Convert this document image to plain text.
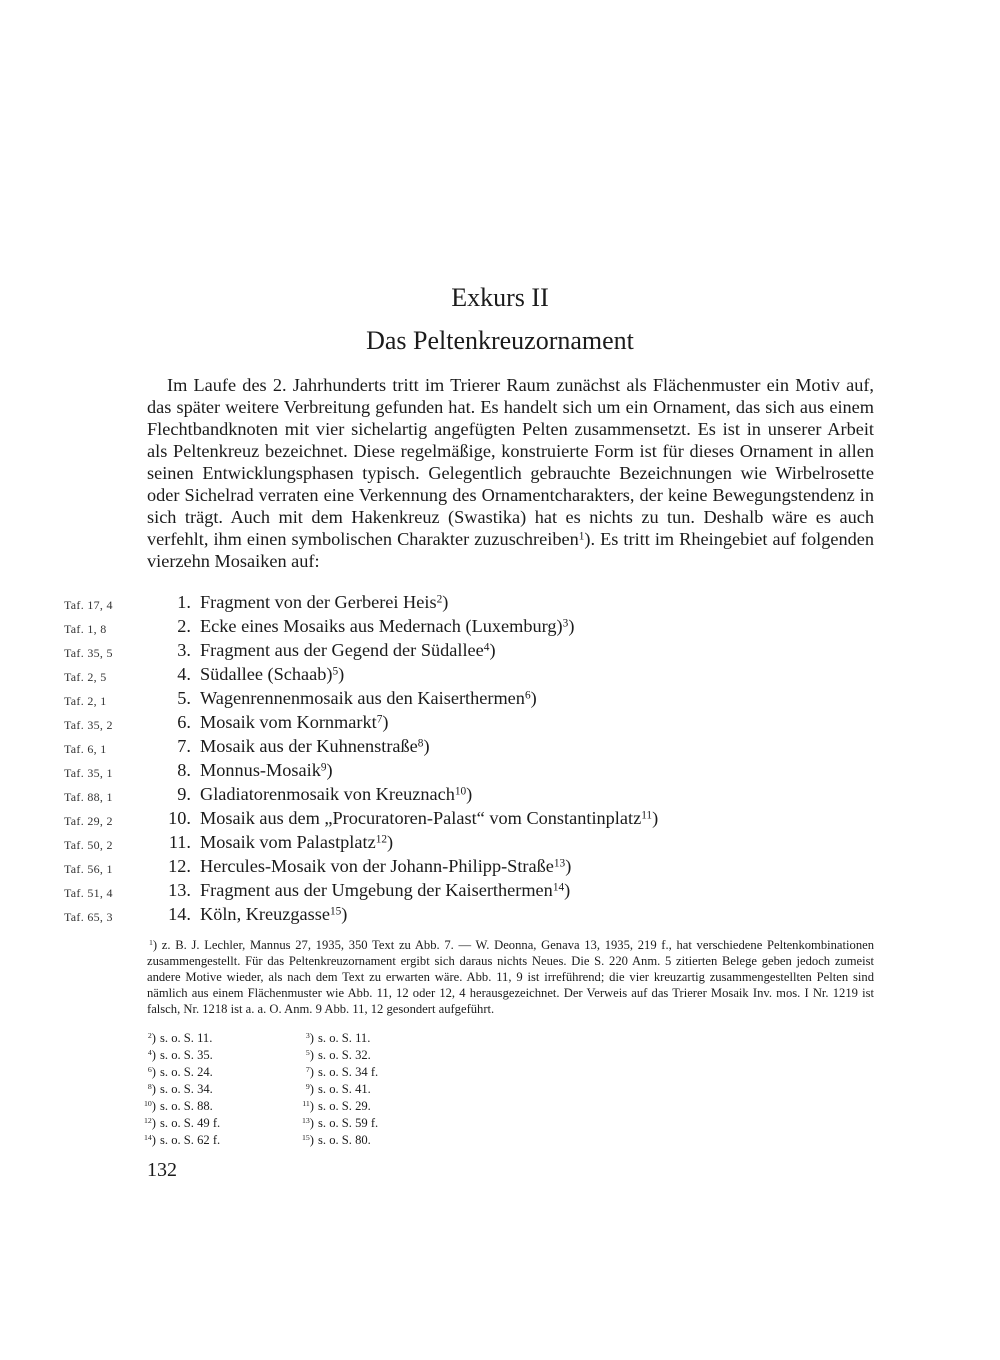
Exkurs II
Das Peltenkreuzornament

Im Laufe des 2. Jahrhunderts tritt im Trierer Raum zunächst als Flächenmuster ein Motiv auf, das später weitere Verbreitung gefunden hat. Es handelt sich um ein Ornament, das sich aus einem Flechtbandknoten mit vier sichelartig angefügten Pelten zusammensetzt. Es ist in unserer Arbeit als Peltenkreuz bezeichnet. Diese regelmäßige, konstruierte Form ist für dieses Ornament in allen seinen Entwicklungsphasen typisch. Gelegentlich gebrauchte Bezeichnungen wie Wirbelrosette oder Sichelrad verraten eine Verkennung des Ornamentcharakters, der keine Bewegungstendenz in sich trägt. Auch mit dem Hakenkreuz (Swastika) hat es nichts zu tun. Deshalb wäre es auch verfehlt, ihm einen symbolischen Charakter zuzuschreiben$^1$). Es tritt im Rheingebiet auf folgenden vierzehn Mosaiken auf:

Taf. 17, 4	1. Fragment von der Gerberei Heis$^2$)
Taf. 1, 8	2. Ecke eines Mosaiks aus Medernach (Luxemburg)$^3$)
Taf. 35, 5	3. Fragment aus der Gegend der Südallee$^4$)
Taf. 2, 5	4. Südallee (Schaab)$^5$)
Taf. 2, 1	5. Wagenrennenmosaik aus den Kaiserthermen$^6$)
Taf. 35, 2	6. Mosaik vom Kornmarkt$^7$)
Taf. 6, 1	7. Mosaik aus der Kuhnenstraße$^8$)
Taf. 35, 1	8. Monnus-Mosaik$^9$)
Taf. 88, 1	9. Gladiatorenmosaik von Kreuznach$^{10}$)
Taf. 29, 2	10. Mosaik aus dem „Procuratoren-Palast“ vom Constantinplatz$^{11}$)
Taf. 50, 2	11. Mosaik vom Palastplatz$^{12}$)
Taf. 56, 1	12. Hercules-Mosaik von der Johann-Philipp-Straße$^{13}$)
Taf. 51, 4	13. Fragment aus der Umgebung der Kaiserthermen$^{14}$)
Taf. 65, 3	14. Köln, Kreuzgasse$^{15}$)

$^1$) z. B. J. Lechler, Mannus 27, 1935, 350 Text zu Abb. 7. — W. Deonna, Genava 13, 1935, 219 f., hat verschiedene Peltenkombinationen zusammengestellt. Für das Peltenkreuzornament ergibt sich daraus nichts Neues. Die S. 220 Anm. 5 zitierten Belege geben jedoch zumeist andere Motive wieder, als nach dem Text zu erwarten wäre. Abb. 11, 9 ist irreführend; die vier kreuzartig zusammengestellten Pelten sind nämlich aus einem Flächenmuster wie Abb. 11, 12 oder 12, 4 herausgezeichnet. Der Verweis auf das Trierer Mosaik Inv. mos. I Nr. 1219 ist falsch, Nr. 1218 ist a. a. O. Anm. 9 Abb. 11, 12 gesondert aufgeführt.

$^2$) s. o. S. 11.	$^3$) s. o. S. 11.
$^4$) s. o. S. 35.	$^5$) s. o. S. 32.
$^6$) s. o. S. 24.	$^7$) s. o. S. 34 f.
$^8$) s. o. S. 34.	$^9$) s. o. S. 41.
$^{10}$) s. o. S. 88.	$^{11}$) s. o. S. 29.
$^{12}$) s. o. S. 49 f.	$^{13}$) s. o. S. 59 f.
$^{14}$) s. o. S. 62 f.	$^{15}$) s. o. S. 80.
132
